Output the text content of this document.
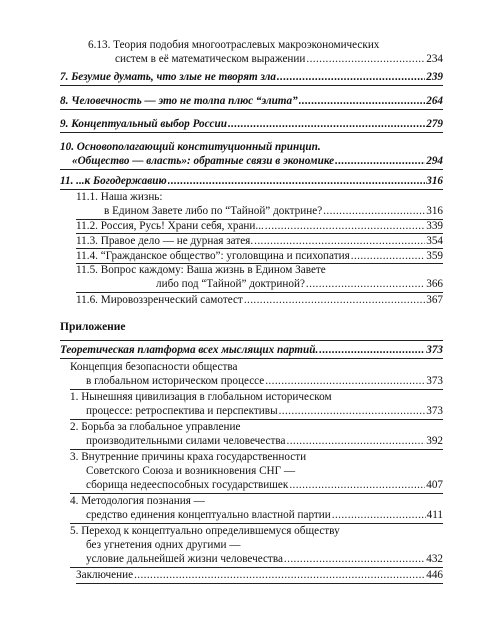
6.13. Теория подобия многоотраслевых макроэкономических
систем в её математическом выражении .....	234
7. Безумие думать, что злые не творят зла .....	239
8. Человечность — это не толпа плюс “элита” .....	264
9. Концептуальный выбор России .....	279
10. Основополагающий конституционный принцип.
«Общество — власть»: обратные связи в экономике .....	294
11. ...к Богодержавию .....	316
11.1. Наша жизнь:
в Едином Завете либо по “Тайной” доктрине? .....	316
11.2. Россия, Русь! Храни себя, храни... .....	339
11.3. Правое дело — не дурная затея. .....	354
11.4. “Гражданское общество”: уголовщина и психопатия .....	359
11.5. Вопрос каждому: Ваша жизнь в Едином Завете
либо под “Тайной” доктриной? .....	366
11.6. Мировоззренческий самотест .....	367
Приложение
Теоретическая платформа всех мыслящих партий. .....	373
Концепция безопасности общества
в глобальном историческом процессе .....	373
1. Нынешняя цивилизация в глобальном историческом
процессе: ретроспектива и перспективы .....	373
2. Борьба за глобальное управление
производительными силами человечества .....	392
3. Внутренние причины краха государственности
Советского Союза и возникновения СНГ —
сборища недееспособных государствишек .....	407
4. Методология познания —
средство единения концептуально властной партии .....	411
5. Переход к концептуально определившемуся обществу
без угнетения одних другими —
условие дальнейшей жизни человечества .....	432
Заключение .....	446
